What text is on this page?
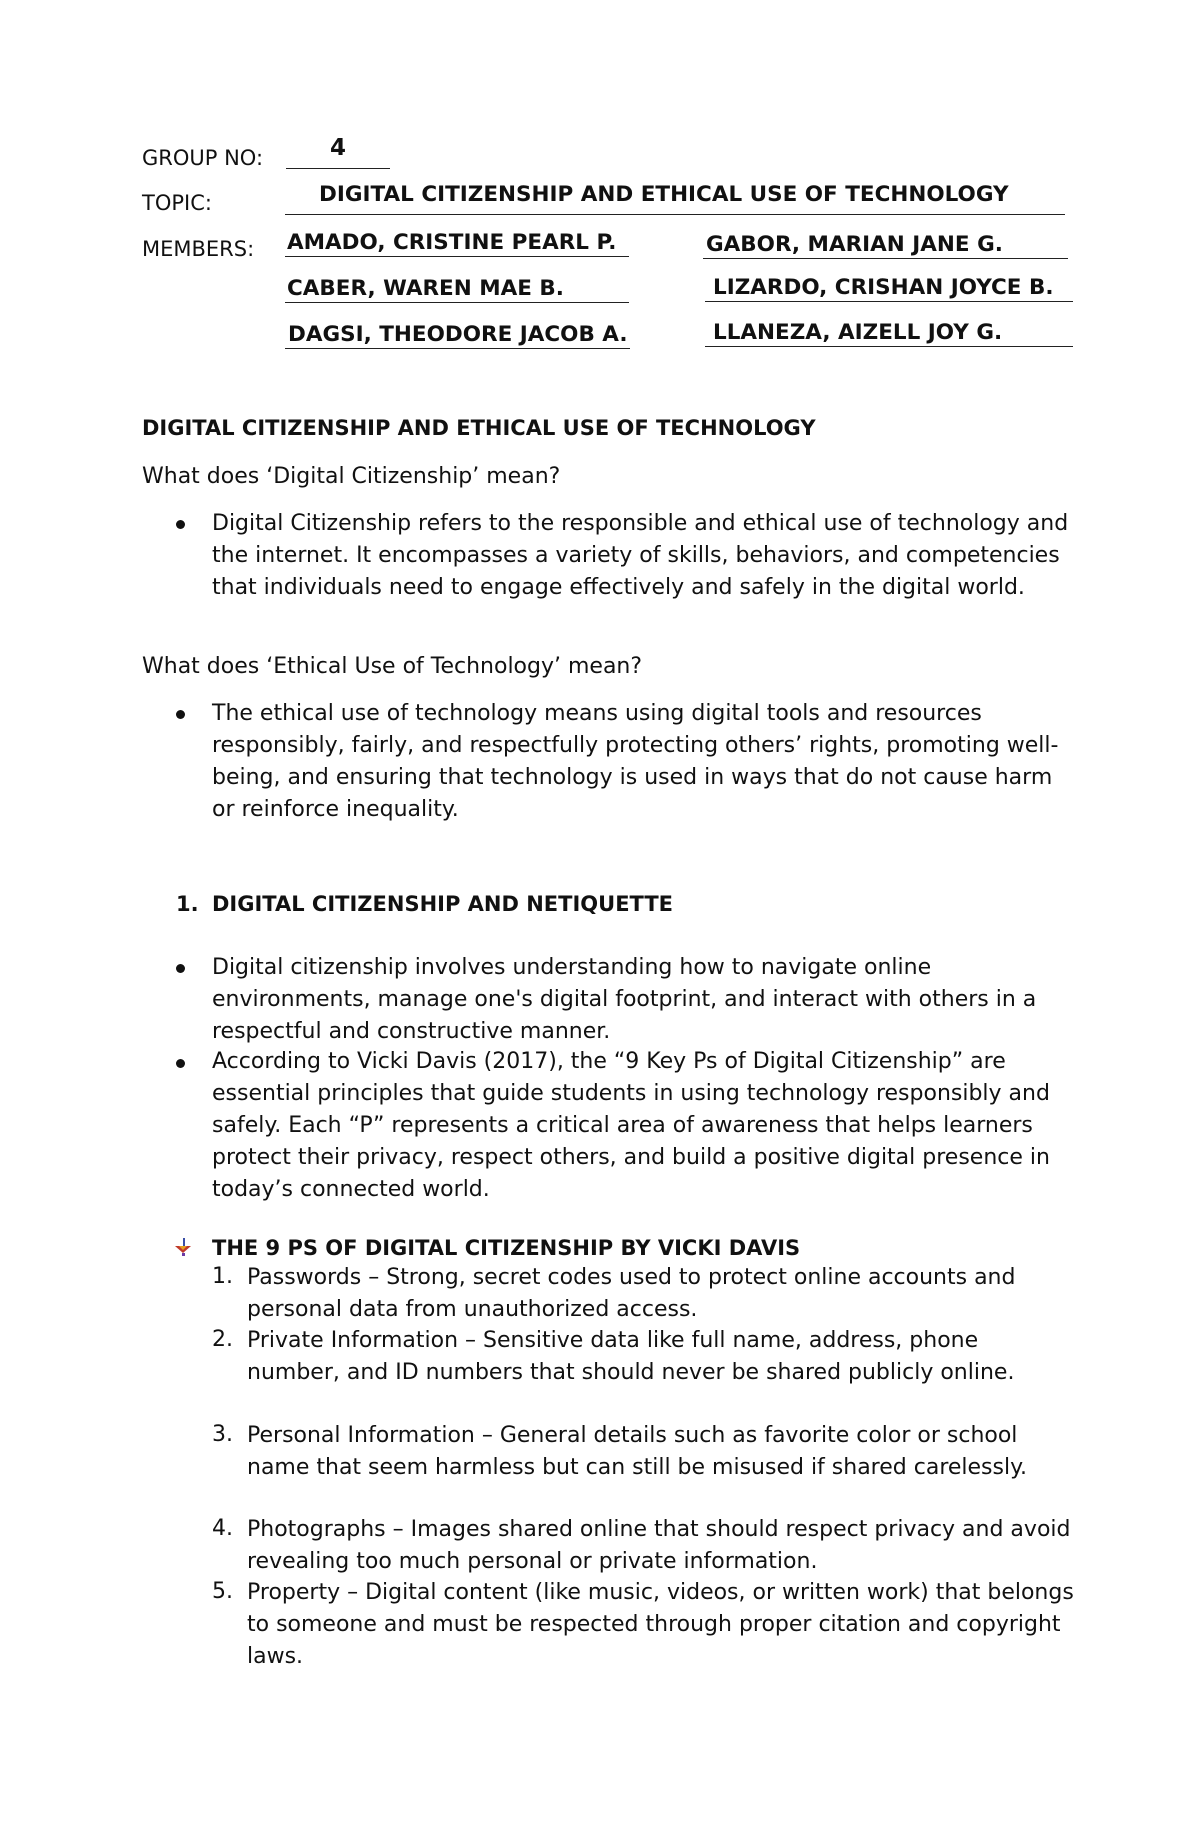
GROUP NO:	4
TOPIC:	DIGITAL CITIZENSHIP AND ETHICAL USE OF TECHNOLOGY
MEMBERS: AMADO, CRISTINE PEARL P.	GABOR, MARIAN JANE G.
CABER, WAREN MAE B.	LIZARDO, CRISHAN JOYCE B.
DAGSI, THEODORE JACOB A.	LLANEZA, AIZELL JOY G.
DIGITAL CITIZENSHIP AND ETHICAL USE OF TECHNOLOGY
What does ‘Digital Citizenship’ mean?
Digital Citizenship refers to the responsible and ethical use of technology and the internet. It encompasses a variety of skills, behaviors, and competencies that individuals need to engage effectively and safely in the digital world.
What does ‘Ethical Use of Technology’ mean?
The ethical use of technology means using digital tools and resources responsibly, fairly, and respectfully protecting others’ rights, promoting well-being, and ensuring that technology is used in ways that do not cause harm or reinforce inequality.
1. DIGITAL CITIZENSHIP AND NETIQUETTE
Digital citizenship involves understanding how to navigate online environments, manage one's digital footprint, and interact with others in a respectful and constructive manner.
According to Vicki Davis (2017), the “9 Key Ps of Digital Citizenship” are essential principles that guide students in using technology responsibly and safely. Each “P” represents a critical area of awareness that helps learners protect their privacy, respect others, and build a positive digital presence in today’s connected world.
THE 9 PS OF DIGITAL CITIZENSHIP BY VICKI DAVIS
1. Passwords – Strong, secret codes used to protect online accounts and personal data from unauthorized access.
2. Private Information – Sensitive data like full name, address, phone number, and ID numbers that should never be shared publicly online.
3. Personal Information – General details such as favorite color or school name that seem harmless but can still be misused if shared carelessly.
4. Photographs – Images shared online that should respect privacy and avoid revealing too much personal or private information.
5. Property – Digital content (like music, videos, or written work) that belongs to someone and must be respected through proper citation and copyright laws.
